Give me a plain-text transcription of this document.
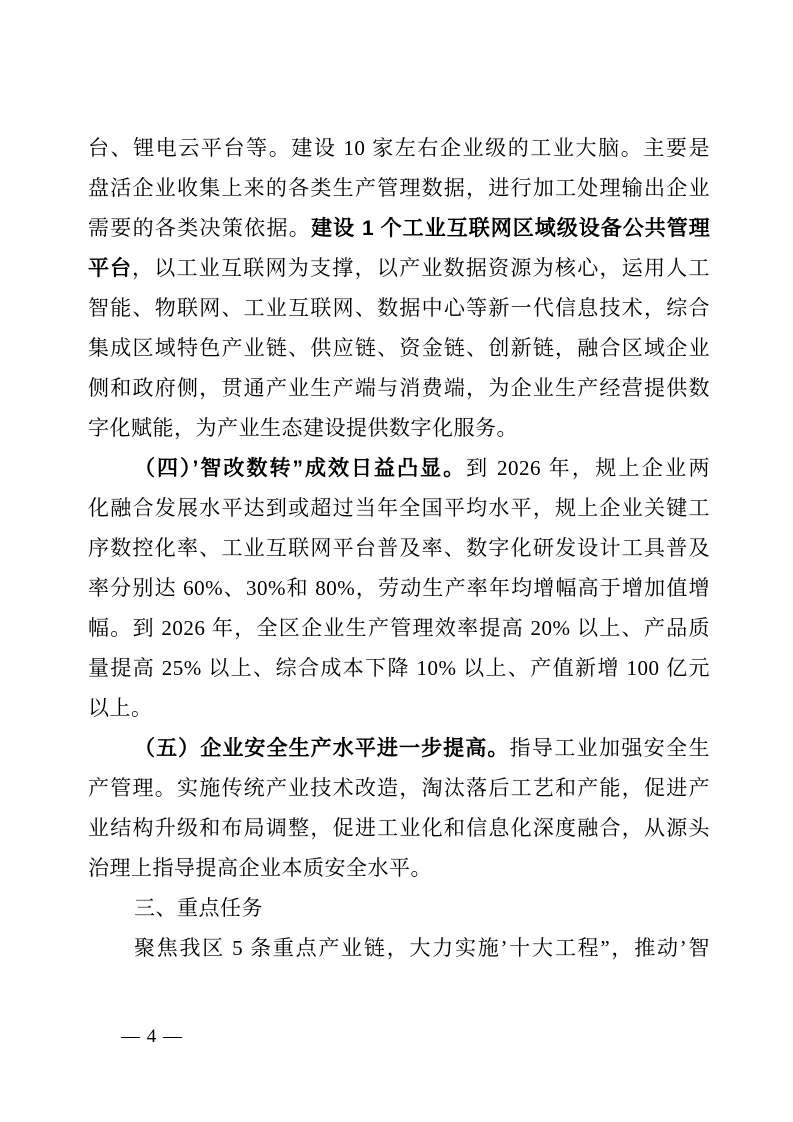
台、锂电云平台等。建设 10 家左右企业级的工业大脑。主要是
盘活企业收集上来的各类生产管理数据，进行加工处理输出企业
需要的各类决策依据。建设 1 个工业互联网区域级设备公共管理
平台，以工业互联网为支撑，以产业数据资源为核心，运用人工
智能、物联网、工业互联网、数据中心等新一代信息技术，综合
集成区域特色产业链、供应链、资金链、创新链，融合区域企业
侧和政府侧，贯通产业生产端与消费端，为企业生产经营提供数
字化赋能，为产业生态建设提供数字化服务。
（四）’智改数转”成效日益凸显。到 2026 年，规上企业两
化融合发展水平达到或超过当年全国平均水平，规上企业关键工
序数控化率、工业互联网平台普及率、数字化研发设计工具普及
率分别达 60%、30%和 80%，劳动生产率年均增幅高于增加值增
幅。到 2026 年，全区企业生产管理效率提高 20% 以上、产品质
量提高 25% 以上、综合成本下降 10% 以上、产值新增 100 亿元
以上。
（五）企业安全生产水平进一步提高。指导工业加强安全生
产管理。实施传统产业技术改造，淘汰落后工艺和产能，促进产
业结构升级和布局调整，促进工业化和信息化深度融合，从源头
治理上指导提高企业本质安全水平。
三、重点任务
聚焦我区 5 条重点产业链，大力实施’十大工程”，推动’智
— 4 —
